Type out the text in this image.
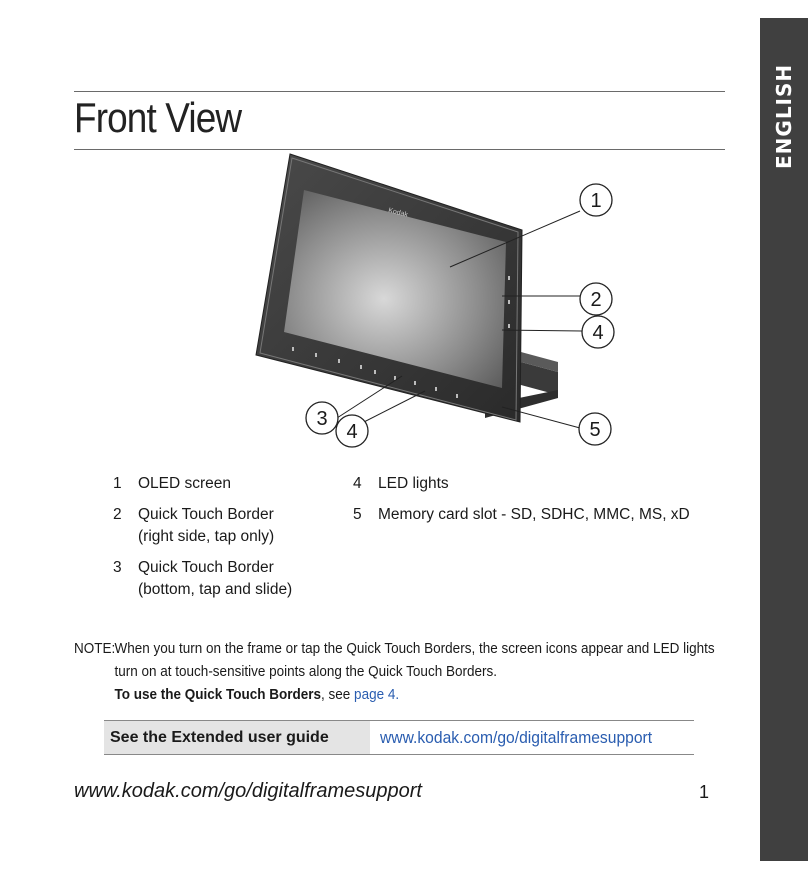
ENGLISH
Front View
Kodak
1
2
4
3
4	5
1 OLED screen
2 Quick Touch Border
(right side, tap only)
3 Quick Touch Border
(bottom, tap and slide)
4 LED lights
5 Memory card slot - SD, SDHC, MMC, MS, xD
NOTE: When you turn on the frame or tap the Quick Touch Borders, the screen icons appear and LED lights
turn on at touch-sensitive points along the Quick Touch Borders.
To use the Quick Touch Borders, see page 4.
See the Extended user guide	www.kodak.com/go/digitalframesupport
www.kodak.com/go/digitalframesupport	1
